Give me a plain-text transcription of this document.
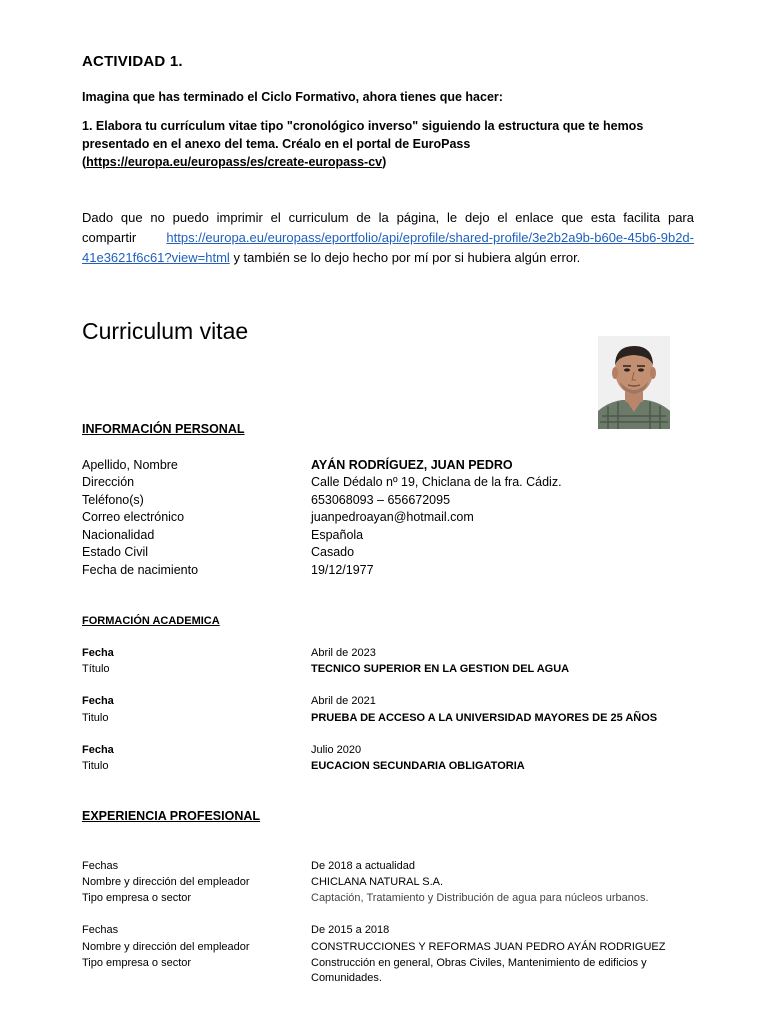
ACTIVIDAD 1.
Imagina que has terminado el Ciclo Formativo, ahora tienes que hacer:
1. Elabora tu currículum vitae tipo "cronológico inverso" siguiendo la estructura que te hemos presentado en el anexo del tema. Créalo en el portal de EuroPass (https://europa.eu/europass/es/create-europass-cv)
Dado que no puedo imprimir el curriculum de la página, le dejo el enlace que esta facilita para compartir https://europa.eu/europass/eportfolio/api/eprofile/shared-profile/3e2b2a9b-b60e-45b6-9b2d-41e3621f6c61?view=html y también se lo dejo hecho por mí por si hubiera algún error.
Curriculum vitae
INFORMACIÓN PERSONAL
Apellido, Nombre	AYÁN RODRÍGUEZ, JUAN PEDRO
Dirección	Calle Dédalo nº 19, Chiclana de la fra. Cádiz.
Teléfono(s)	653068093 – 656672095
Correo electrónico	juanpedroayan@hotmail.com
Nacionalidad	Española
Estado Civil	Casado
Fecha de nacimiento	19/12/1977
FORMACIÓN ACADEMICA
Fecha	Abril de 2023
Título	TECNICO SUPERIOR EN LA GESTION DEL AGUA
Fecha	Abril de 2021
Titulo	PRUEBA DE ACCESO A LA UNIVERSIDAD MAYORES DE 25 AÑOS
Fecha	Julio 2020
Titulo	EUCACION SECUNDARIA OBLIGATORIA
EXPERIENCIA PROFESIONAL
Fechas	De 2018 a actualidad
Nombre y dirección del empleador	CHICLANA NATURAL S.A.
Tipo empresa o sector	Captación, Tratamiento y Distribución de agua para núcleos urbanos.
Fechas	De 2015 a 2018
Nombre y dirección del empleador	CONSTRUCCIONES Y REFORMAS JUAN PEDRO AYÁN RODRIGUEZ
Tipo empresa o sector	Construcción en general, Obras Civiles, Mantenimiento de edificios y
Comunidades.
